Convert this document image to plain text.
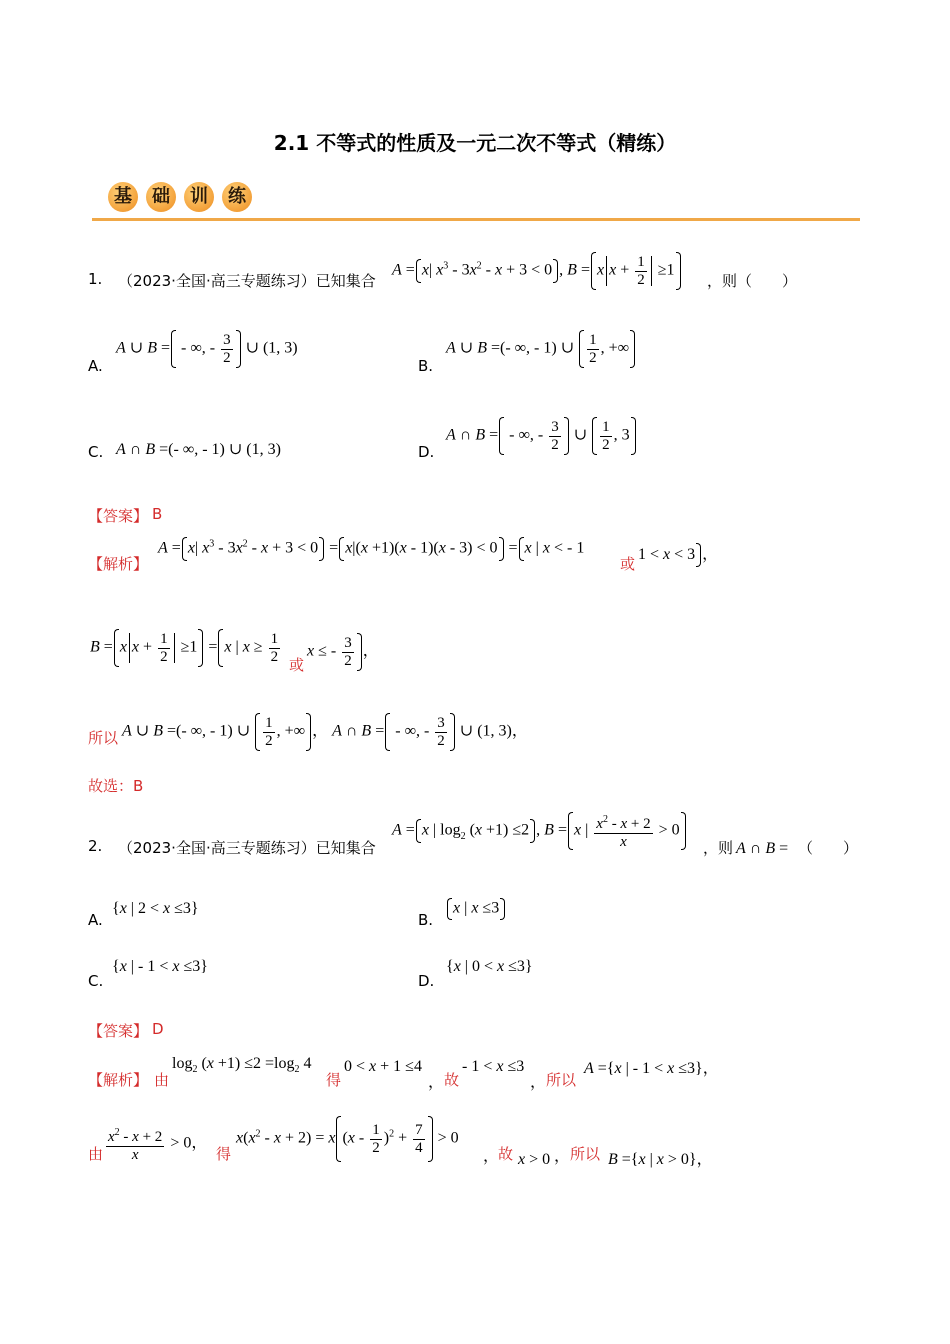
2.1 不等式的性质及一元二次不等式（精练）
基 础 训 练
1. （2023·全国·高三专题练习）已知集合
A = x| $x^3 - 3x^2 - x + 3 < 0$ , B = x $x + \frac{1}{2} \ge 1$
，则（　　）
A.
A ∪ B = - ∞, - $\frac{3}{2}$ ∪ (1, 3)
B.
A ∪ B =(- ∞, - 1) ∪ $\frac{1}{2}$ , +∞
C. A ∩ B =(- ∞, - 1) ∪ (1, 3)	D.
A ∩ B = - ∞, - $\frac{3}{2}$ ∪ $\frac{1}{2}$ , 3
【答案】 B
【解析】
A = x| $x^3 - 3x^2 - x + 3 < 0 = x|(x +1)(x - 1)(x - 3) < 0 = x$ | x < - 1
或
1 < x < 3 ，
B = x $x + \frac{1}{2} \ge 1 = x$ | $x \ge \frac{1}{2}$ 或
x ≤ - $\frac{3}{2}$ ，
所以 A ∪ B =(- ∞, - 1) ∪ $\frac{1}{2}$ , +∞ ， A ∩ B = - ∞, - $\frac{3}{2}$ ∪ (1, 3)，
故选：B
2. （2023·全国·高三专题练习）已知集合
A = x | $\log_2 (x +1) \le 2$ , B = x | $\frac{x^2 - x + 2}{x} > 0$
，则 A ∩ B = （　　）
A.
{x | 2 < x ≤3}
B.
x | x ≤3
C.
{x | - 1 < x ≤3}
D.
{x | 0 < x ≤3}
【答案】 D
【解析】 由
$\log_2 (x +1) \le 2 =\log_2$ 4
得
0 < x + 1 ≤4
， 故
- 1 < x ≤3
， 所以
A ={x | - 1 < x ≤3}，
由 $\frac{x^2 - x + 2}{x} > 0$，
得
$x(x^2 - x + 2) = x$ $(x - \frac{1}{2} )^2 + \frac{7}{4} > 0$
，
故 x > 0 ， 所以 B ={x | x > 0}，
